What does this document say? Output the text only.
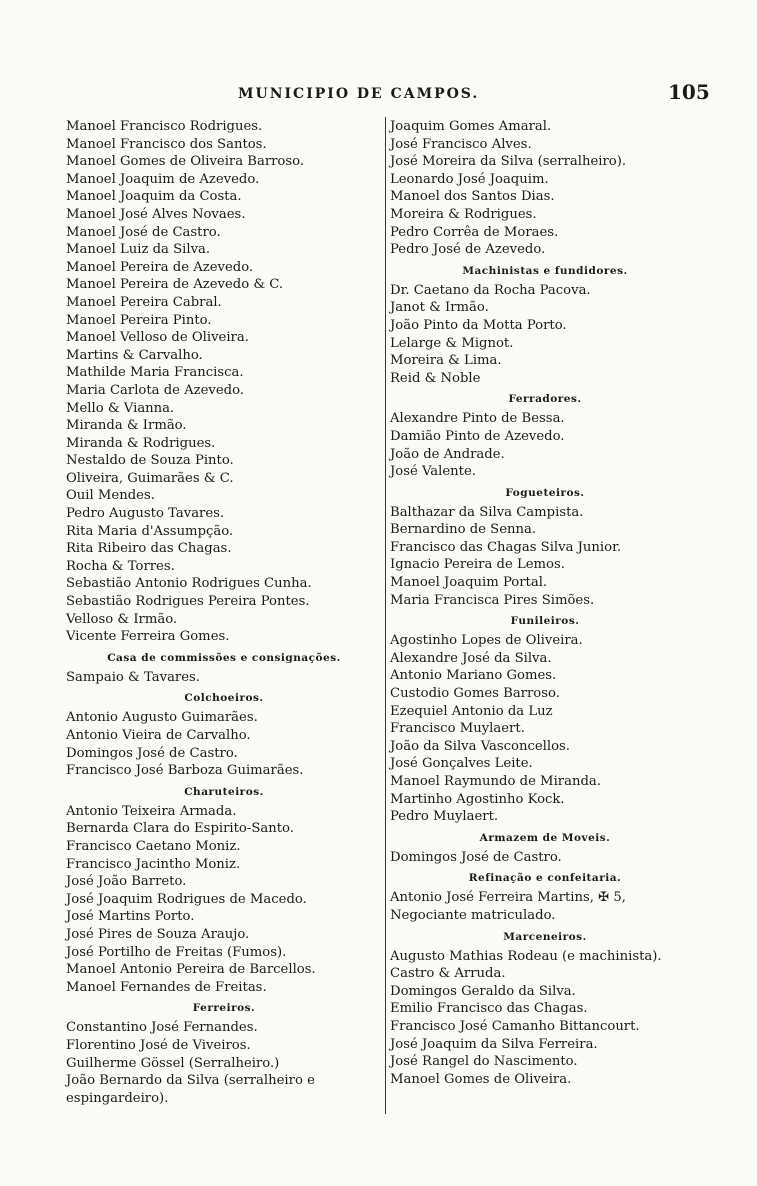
MUNICIPIO DE CAMPOS.	105
Manoel Francisco Rodrigues.
Manoel Francisco dos Santos.
Manoel Gomes de Oliveira Barroso.
Manoel Joaquim de Azevedo.
Manoel Joaquim da Costa.
Manoel José Alves Novaes.
Manoel José de Castro.
Manoel Luiz da Silva.
Manoel Pereira de Azevedo.
Manoel Pereira de Azevedo & C.
Manoel Pereira Cabral.
Manoel Pereira Pinto.
Manoel Velloso de Oliveira.
Martins & Carvalho.
Mathilde Maria Francisca.
Maria Carlota de Azevedo.
Mello & Vianna.
Miranda & Irmão.
Miranda & Rodrigues.
Nestaldo de Souza Pinto.
Oliveira, Guimarães & C.
Ouil Mendes.
Pedro Augusto Tavares.
Rita Maria d'Assumpção.
Rita Ribeiro das Chagas.
Rocha & Torres.
Sebastião Antonio Rodrigues Cunha.
Sebastião Rodrigues Pereira Pontes.
Velloso & Irmão.
Vicente Ferreira Gomes.
Casa de commissões e consignações.
Sampaio & Tavares.
Colchoeiros.
Antonio Augusto Guimarães.
Antonio Vieira de Carvalho.
Domingos José de Castro.
Francisco José Barboza Guimarães.
Charuteiros.
Antonio Teixeira Armada.
Bernarda Clara do Espirito-Santo.
Francisco Caetano Moniz.
Francisco Jacintho Moniz.
José João Barreto.
José Joaquim Rodrigues de Macedo.
José Martins Porto.
José Pires de Souza Araujo.
José Portilho de Freitas (Fumos).
Manoel Antonio Pereira de Barcellos.
Manoel Fernandes de Freitas.
Ferreiros.
Constantino José Fernandes.
Florentino José de Viveiros.
Guilherme Gössel (Serralheiro.)
João Bernardo da Silva (serralheiro e espingardeiro).
Joaquim Gomes Amaral.
José Francisco Alves.
José Moreira da Silva (serralheiro).
Leonardo José Joaquim.
Manoel dos Santos Dias.
Moreira & Rodrigues.
Pedro Corrêa de Moraes.
Pedro José de Azevedo.
Machinistas e fundidores.
Dr. Caetano da Rocha Pacova.
Janot & Irmão.
João Pinto da Motta Porto.
Lelarge & Mignot.
Moreira & Lima.
Reid & Noble
Ferradores.
Alexandre Pinto de Bessa.
Damião Pinto de Azevedo.
João de Andrade.
José Valente.
Fogueteiros.
Balthazar da Silva Campista.
Bernardino de Senna.
Francisco das Chagas Silva Junior.
Ignacio Pereira de Lemos.
Manoel Joaquim Portal.
Maria Francisca Pires Simões.
Funileiros.
Agostinho Lopes de Oliveira.
Alexandre José da Silva.
Antonio Mariano Gomes.
Custodio Gomes Barroso.
Ezequiel Antonio da Luz
Francisco Muylaert.
João da Silva Vasconcellos.
José Gonçalves Leite.
Manoel Raymundo de Miranda.
Martinho Agostinho Kock.
Pedro Muylaert.
Armazem de Moveis.
Domingos José de Castro.
Refinação e confeitaria.
Antonio José Ferreira Martins, ✠ 5, Negociante matriculado.
Marceneiros.
Augusto Mathias Rodeau (e machinista).
Castro & Arruda.
Domingos Geraldo da Silva.
Emilio Francisco das Chagas.
Francisco José Camanho Bittancourt.
José Joaquim da Silva Ferreira.
José Rangel do Nascimento.
Manoel Gomes de Oliveira.
